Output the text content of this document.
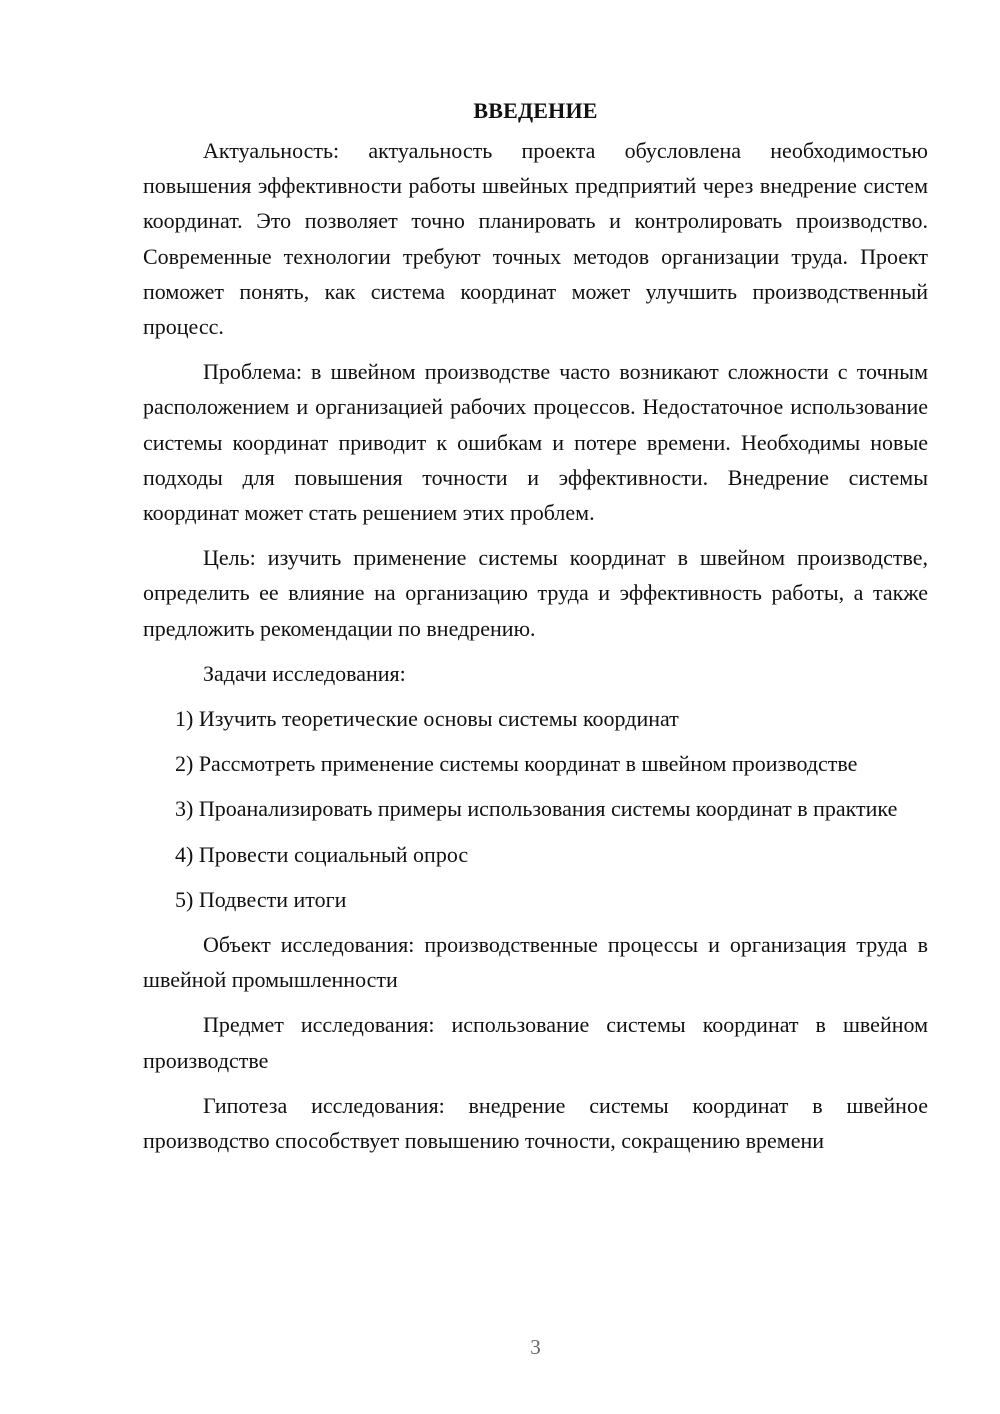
ВВЕДЕНИЕ

Актуальность: актуальность проекта обусловлена необходимостью повышения эффективности работы швейных предприятий через внедрение систем координат. Это позволяет точно планировать и контролировать производство. Современные технологии требуют точных методов организации труда. Проект поможет понять, как система координат может улучшить производственный процесс.

Проблема: в швейном производстве часто возникают сложности с точным расположением и организацией рабочих процессов. Недостаточное использование системы координат приводит к ошибкам и потере времени. Необходимы новые подходы для повышения точности и эффективности. Внедрение системы координат может стать решением этих проблем.

Цель: изучить применение системы координат в швейном производстве, определить ее влияние на организацию труда и эффективность работы, а также предложить рекомендации по внедрению.

Задачи исследования:

1) Изучить теоретические основы системы координат

2) Рассмотреть применение системы координат в швейном производстве

3) Проанализировать примеры использования системы координат в практике

4) Провести социальный опрос

5) Подвести итоги

Объект исследования: производственные процессы и организация труда в швейной промышленности

Предмет исследования: использование системы координат в швейном производстве

Гипотеза исследования: внедрение системы координат в швейное производство способствует повышению точности, сокращению времени

3
